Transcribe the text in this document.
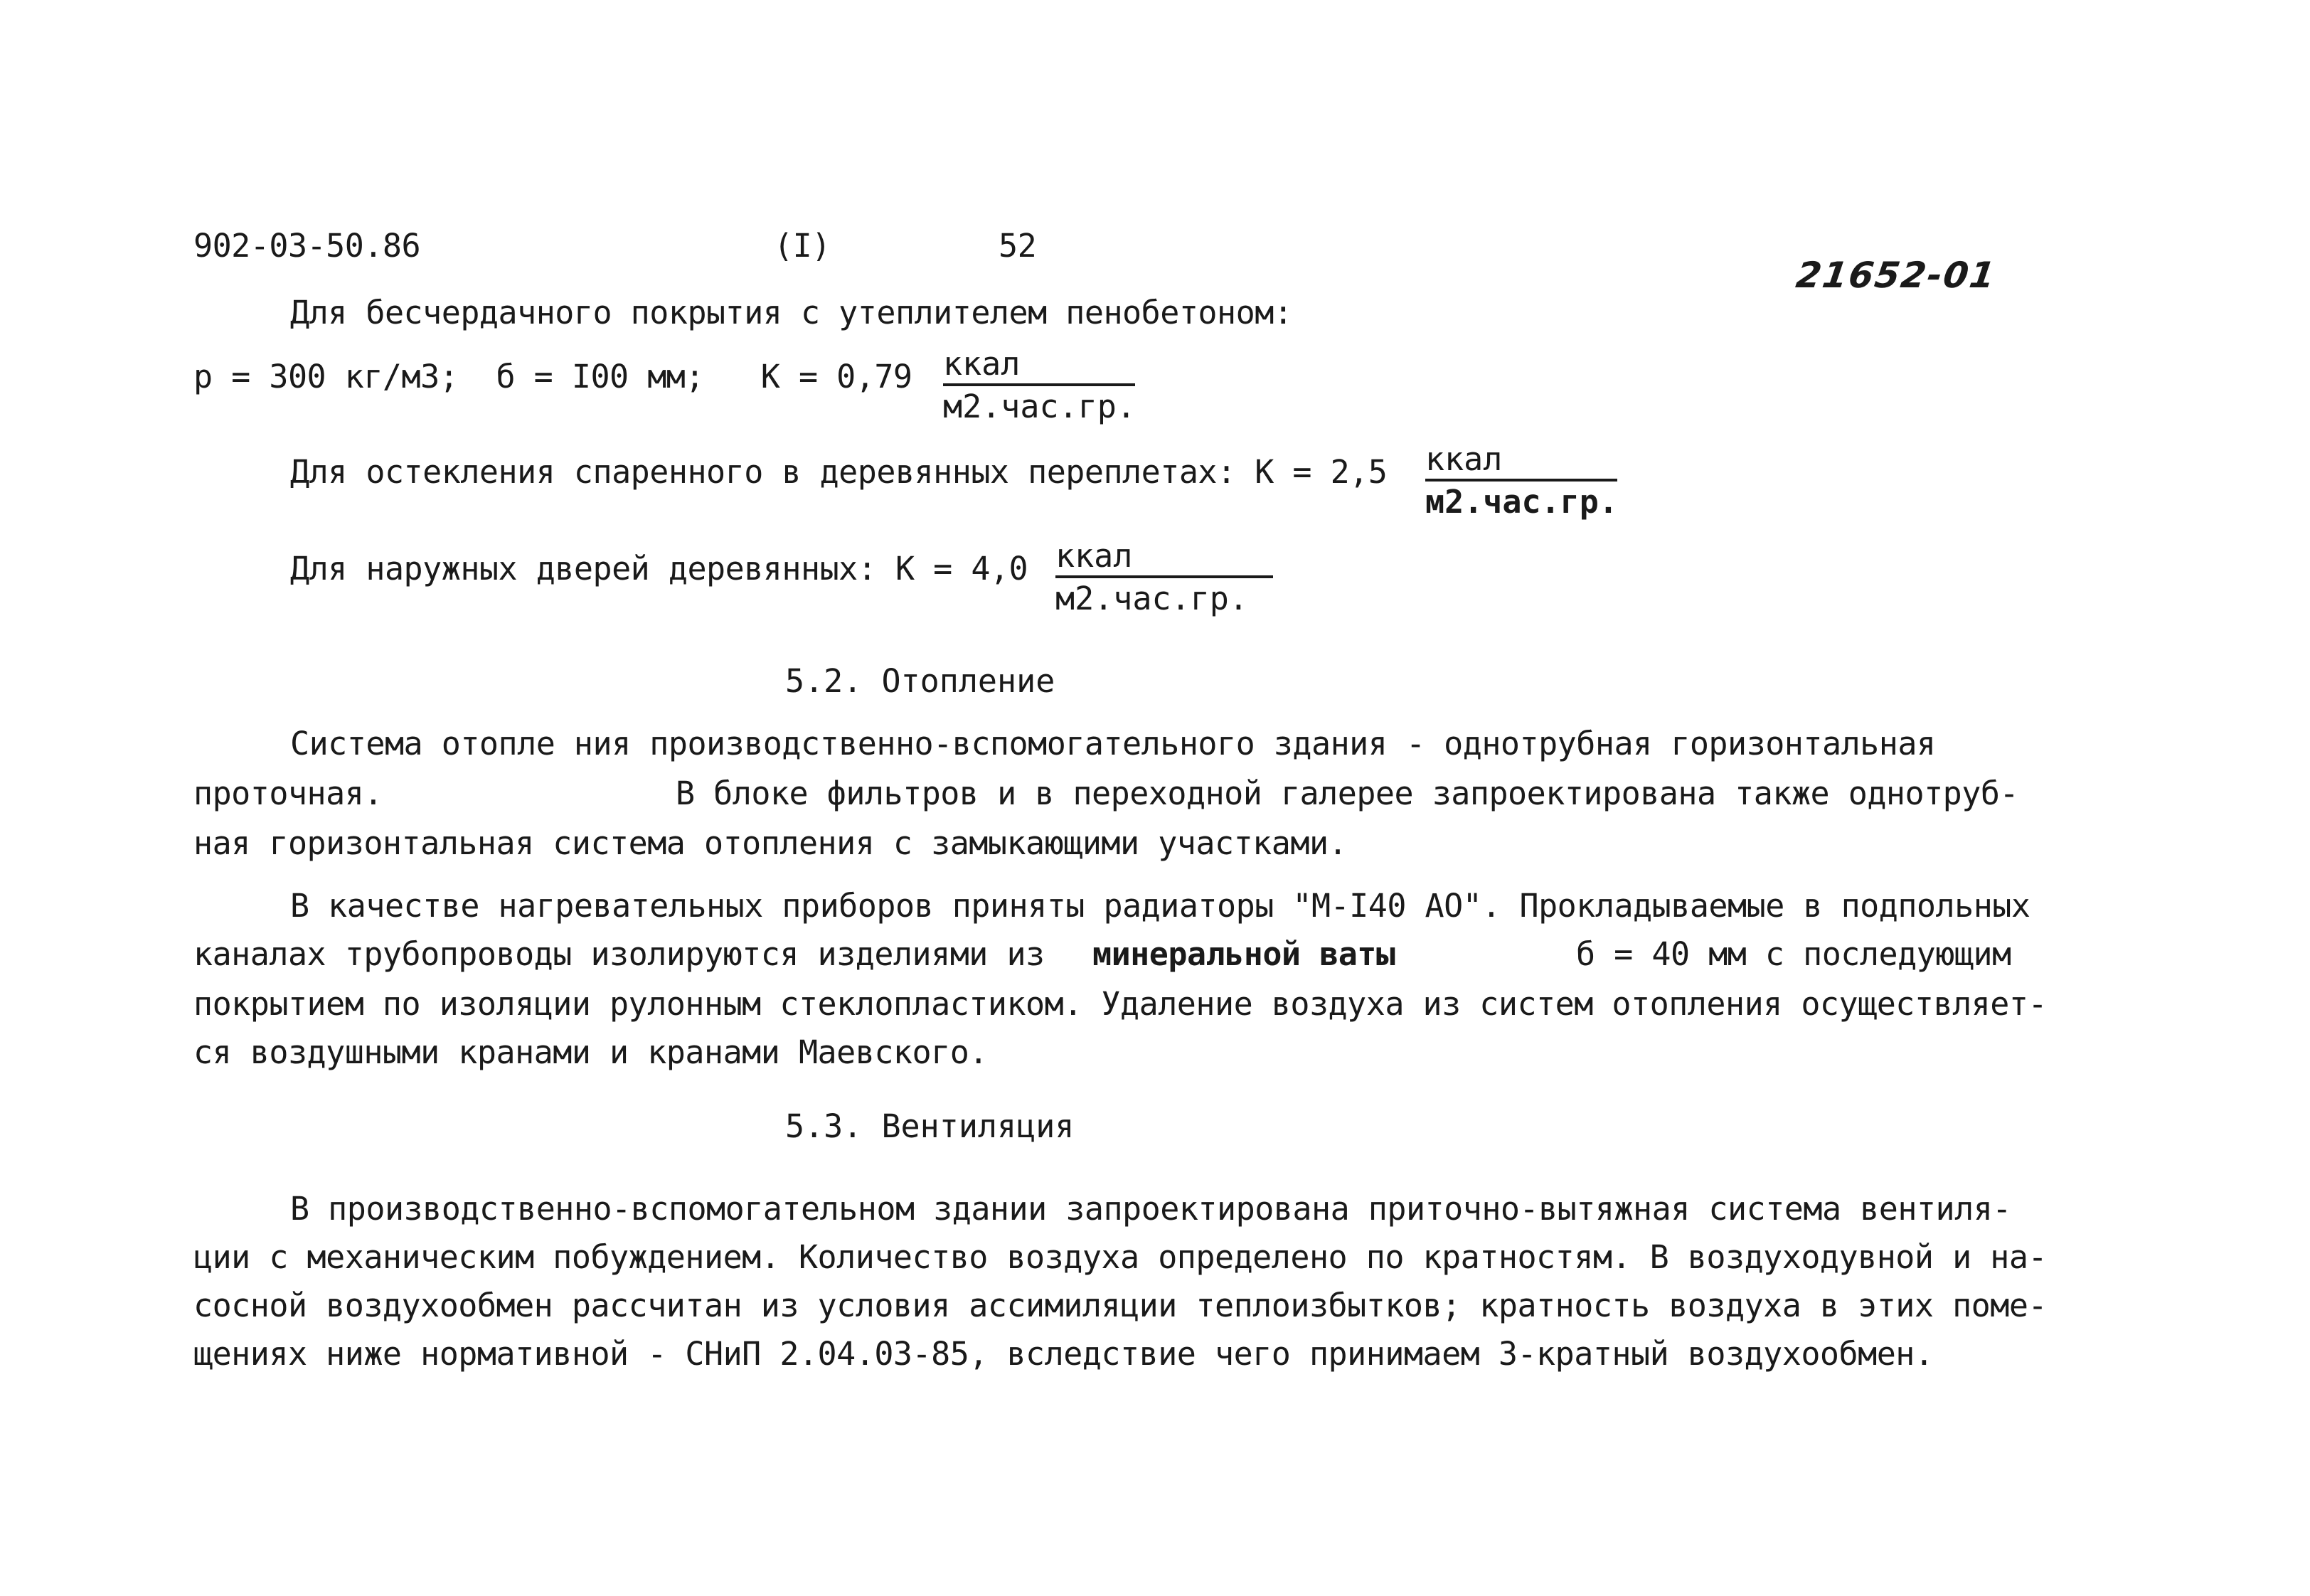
902-03-50.86	(I)	52
21652-01
Для бесчердачного покрытия с утеплителем пенобетоном:
p = 300 кг/м3;  б = I00 мм;   К = 0,79 ккал
м2.час.гр.
Для остекления спаренного в деревянных переплетах: К = 2,5 ккал
м2.час.гр.
Для наружных дверей деревянных: К = 4,0 ккал
м2.час.гр.
5.2. Отопление
Система отопле ния производственно-вспомогательного здания - однотрубная горизонтальная
проточная.	В блоке фильтров и в переходной галерее запроектирована также однотруб-
ная горизонтальная система отопления с замыкающими участками.
В качестве нагревательных приборов приняты радиаторы "М-I40 АО". Прокладываемые в подпольных
каналах трубопроводы изолируются изделиями из минеральной ваты	б = 40 мм с последующим
покрытием по изоляции рулонным стеклопластиком. Удаление воздуха из систем отопления осуществляет-
ся воздушными кранами и кранами Маевского.
5.3. Вентиляция
В производственно-вспомогательном здании запроектирована приточно-вытяжная система вентиля-
ции с механическим побуждением. Количество воздуха определено по кратностям. В воздуходувной и на-
сосной воздухообмен рассчитан из условия ассимиляции теплоизбытков; кратность воздуха в этих поме-
щениях ниже нормативной - СНиП 2.04.03-85, вследствие чего принимаем 3-кратный воздухообмен.
